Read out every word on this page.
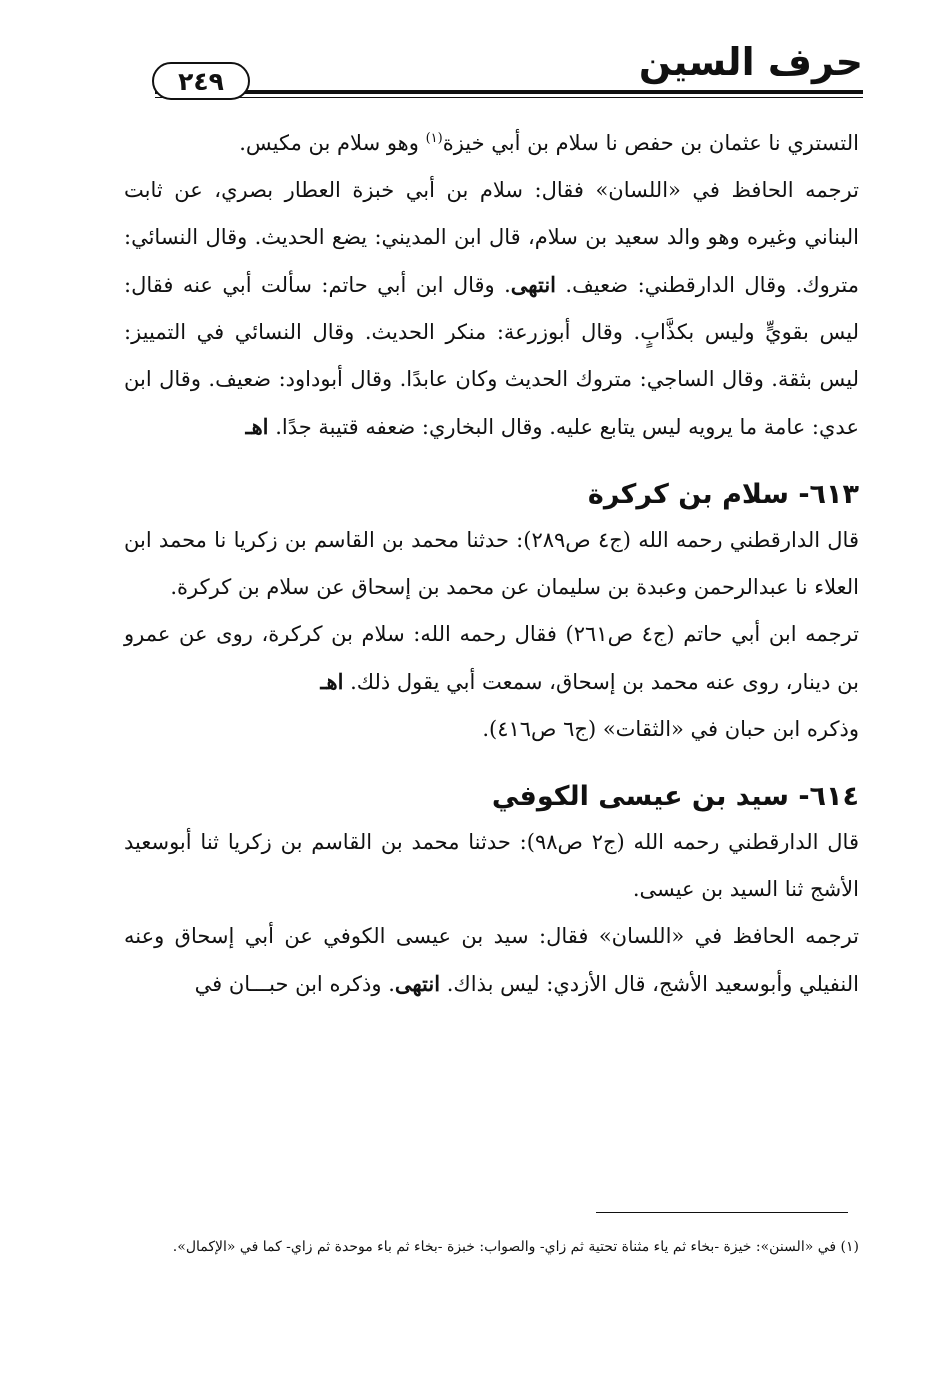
حرف السين
٢٤٩

التستري نا عثمان بن حفص نا سلام بن أبي خيزة$^{(١)}$ وهو سلام بن مكيس.

ترجمه الحافظ في «اللسان» فقال: سلام بن أبي خبزة العطار بصري، عن ثابت البناني وغيره وهو والد سعيد بن سلام، قال ابن المديني: يضع الحديث. وقال النسائي: متروك. وقال الدارقطني: ضعيف. انتهى. وقال ابن أبي حاتم: سألت أبي عنه فقال: ليس بقويٍّ وليس بكذَّابٍ. وقال أبوزرعة: منكر الحديث. وقال النسائي في التمييز: ليس بثقة. وقال الساجي: متروك الحديث وكان عابدًا. وقال أبوداود: ضعيف. وقال ابن عدي: عامة ما يرويه ليس يتابع عليه. وقال البخاري: ضعفه قتيبة جدًا. اهـ

٦١٣- سلام بن كركرة

قال الدارقطني رحمه الله (ج٤ ص٢٨٩): حدثنا محمد بن القاسم بن زكريا نا محمد ابن العلاء نا عبدالرحمن وعبدة بن سليمان عن محمد بن إسحاق عن سلام بن كركرة.

ترجمه ابن أبي حاتم (ج٤ ص٢٦١) فقال رحمه الله: سلام بن كركرة، روى عن عمرو بن دينار، روى عنه محمد بن إسحاق، سمعت أبي يقول ذلك. اهـ

وذكره ابن حبان في «الثقات» (ج٦ ص٤١٦).

٦١٤- سيد بن عيسى الكوفي

قال الدارقطني رحمه الله (ج٢ ص٩٨): حدثنا محمد بن القاسم بن زكريا ثنا أبوسعيد الأشج ثنا السيد بن عيسى.

ترجمه الحافظ في «اللسان» فقال: سيد بن عيسى الكوفي عن أبي إسحاق وعنه النفيلي وأبوسعيد الأشج، قال الأزدي: ليس بذاك. انتهى. وذكره ابن حبـــان في

(١) في «السنن»: خيزة -بخاء ثم ياء مثناة تحتية ثم زاي- والصواب: خبزة -بخاء ثم باء موحدة ثم زاي- كما في «الإكمال».
